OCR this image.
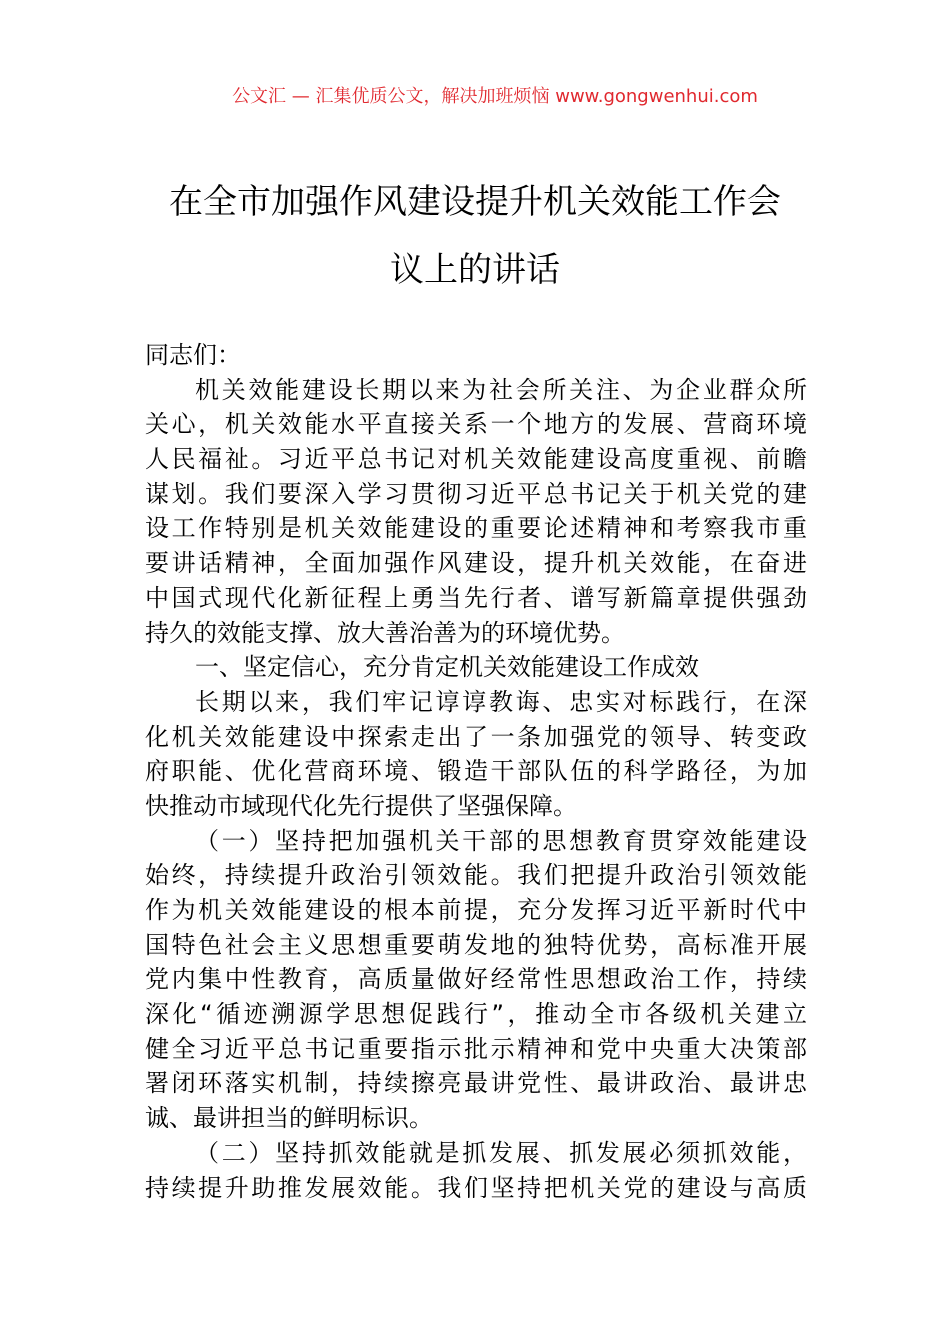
公文汇 — 汇集优质公文，解决加班烦恼 www.gongwenhui.com
在全市加强作风建设提升机关效能工作会
议上的讲话
同志们：
机关效能建设长期以来为社会所关注、为企业群众所
关心，机关效能水平直接关系一个地方的发展、营商环境
人民福祉。习近平总书记对机关效能建设高度重视、前瞻
谋划。我们要深入学习贯彻习近平总书记关于机关党的建
设工作特别是机关效能建设的重要论述精神和考察我市重
要讲话精神，全面加强作风建设，提升机关效能，在奋进
中国式现代化新征程上勇当先行者、谱写新篇章提供强劲
持久的效能支撑、放大善治善为的环境优势。
一、坚定信心，充分肯定机关效能建设工作成效
长期以来，我们牢记谆谆教诲、忠实对标践行，在深
化机关效能建设中探索走出了一条加强党的领导、转变政
府职能、优化营商环境、锻造干部队伍的科学路径，为加
快推动市域现代化先行提供了坚强保障。
（一）坚持把加强机关干部的思想教育贯穿效能建设
始终，持续提升政治引领效能。我们把提升政治引领效能
作为机关效能建设的根本前提，充分发挥习近平新时代中
国特色社会主义思想重要萌发地的独特优势，高标准开展
党内集中性教育，高质量做好经常性思想政治工作，持续
深化“循迹溯源学思想促践行”，推动全市各级机关建立
健全习近平总书记重要指示批示精神和党中央重大决策部
署闭环落实机制，持续擦亮最讲党性、最讲政治、最讲忠
诚、最讲担当的鲜明标识。
（二）坚持抓效能就是抓发展、抓发展必须抓效能，
持续提升助推发展效能。我们坚持把机关党的建设与高质
